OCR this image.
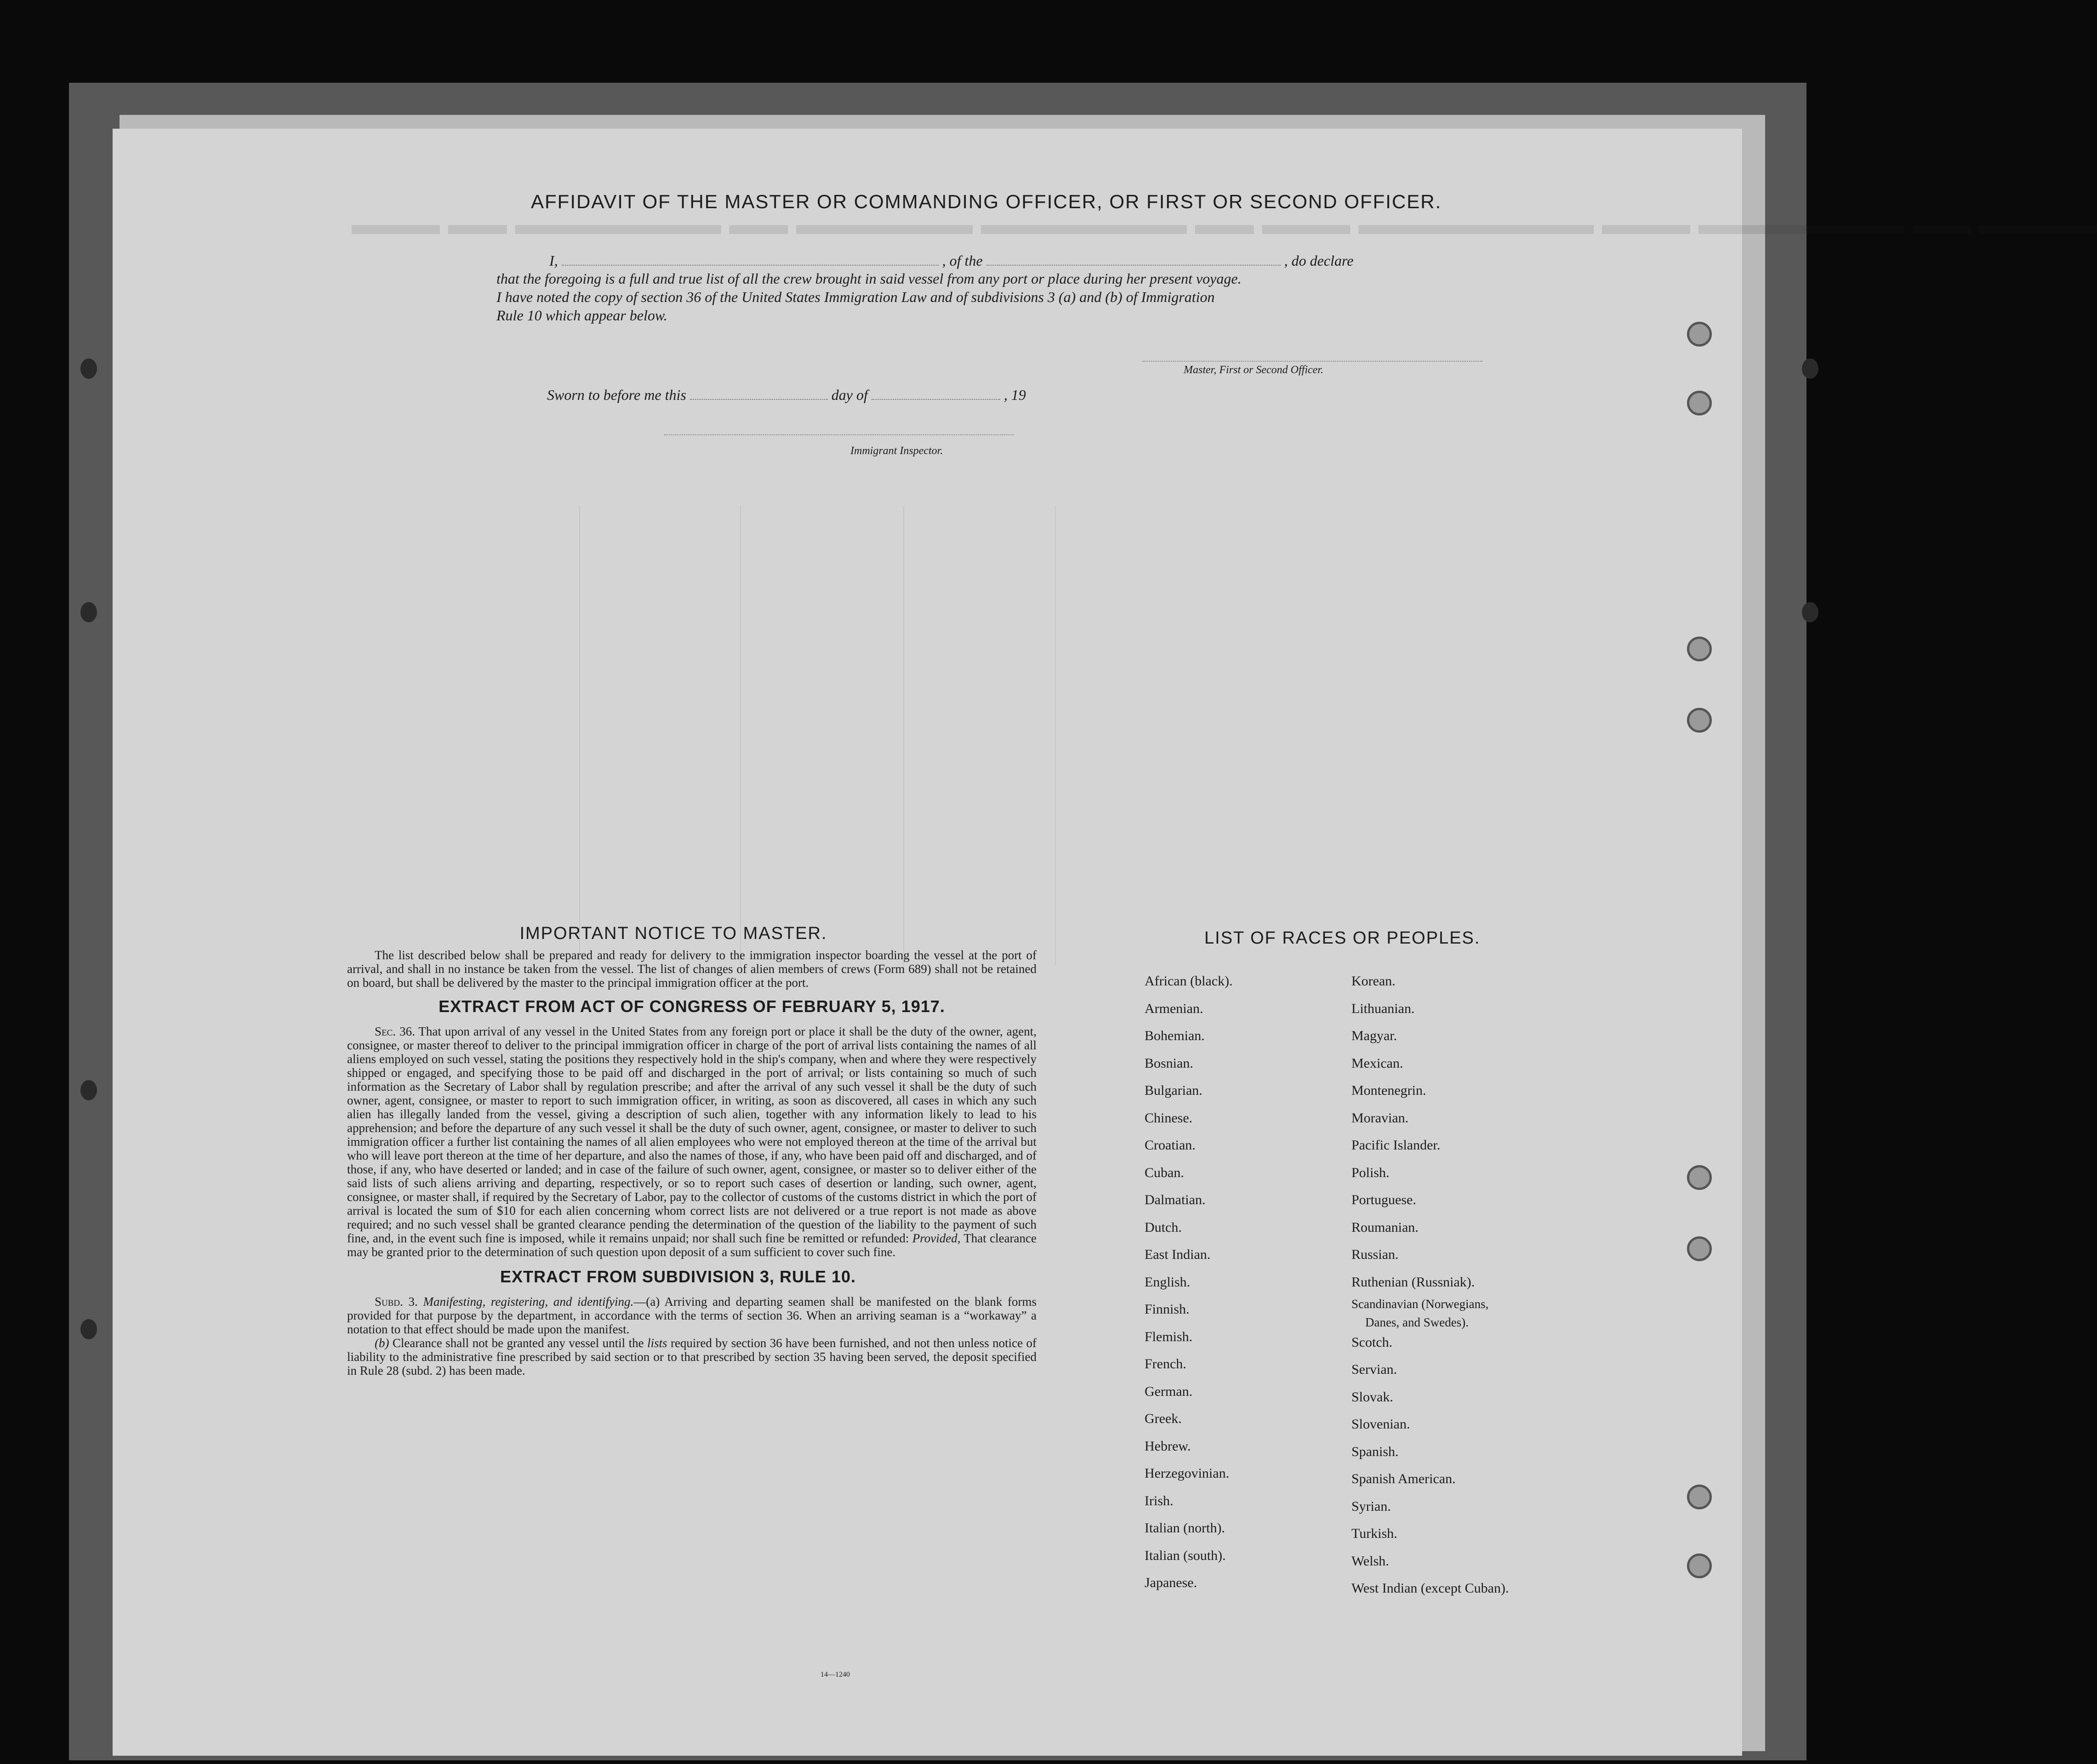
▬▬▬ ▬▬ ▬▬▬▬▬▬▬ ▬▬ ▬▬▬▬▬▬ ▬▬▬▬▬▬▬ ▬▬ ▬▬▬ ▬▬▬▬▬▬▬▬ ▬▬▬ ▬▬▬▬▬▬▬ ▬▬ ▬▬▬▬
AFFIDAVIT OF THE MASTER OR COMMANDING OFFICER, OR FIRST OR SECOND OFFICER.
I,	, of the	, do declare
that the foregoing is a full and true list of all the crew brought in said vessel from any port or place during her present voyage.
I have noted the copy of section 36 of the United States Immigration Law and of subdivisions 3 (a) and (b) of Immigration
Rule 10 which appear below.
Master, First or Second Officer.
Sworn to before me this	day of	, 19
Immigrant Inspector.
IMPORTANT NOTICE TO MASTER.

The list described below shall be prepared and ready for delivery to the immigration inspector boarding the vessel at the port of arrival, and shall in no instance be taken from the vessel. The list of changes of alien members of crews (Form 689) shall not be retained on board, but shall be delivered by the master to the principal immigration officer at the port.

EXTRACT FROM ACT OF CONGRESS OF FEBRUARY 5, 1917.

Sec. 36. That upon arrival of any vessel in the United States from any foreign port or place it shall be the duty of the owner, agent, consignee, or master thereof to deliver to the principal immigration officer in charge of the port of arrival lists containing the names of all aliens employed on such vessel, stating the positions they respectively hold in the ship's company, when and where they were respectively shipped or engaged, and specifying those to be paid off and discharged in the port of arrival; or lists containing so much of such information as the Secretary of Labor shall by regulation prescribe; and after the arrival of any such vessel it shall be the duty of such owner, agent, consignee, or master to report to such immigration officer, in writing, as soon as discovered, all cases in which any such alien has illegally landed from the vessel, giving a description of such alien, together with any information likely to lead to his apprehension; and before the departure of any such vessel it shall be the duty of such owner, agent, consignee, or master to deliver to such immigration officer a further list containing the names of all alien employees who were not employed thereon at the time of the arrival but who will leave port thereon at the time of her departure, and also the names of those, if any, who have been paid off and discharged, and of those, if any, who have deserted or landed; and in case of the failure of such owner, agent, consignee, or master so to deliver either of the said lists of such aliens arriving and departing, respectively, or so to report such cases of desertion or landing, such owner, agent, consignee, or master shall, if required by the Secretary of Labor, pay to the collector of customs of the customs district in which the port of arrival is located the sum of $10 for each alien concerning whom correct lists are not delivered or a true report is not made as above required; and no such vessel shall be granted clearance pending the determination of the question of the liability to the payment of such fine, and, in the event such fine is imposed, while it remains unpaid; nor shall such fine be remitted or refunded: Provided, That clearance may be granted prior to the determination of such question upon deposit of a sum sufficient to cover such fine.

EXTRACT FROM SUBDIVISION 3, RULE 10.

Subd. 3. Manifesting, registering, and identifying.—(a) Arriving and departing seamen shall be manifested on the blank forms provided for that purpose by the department, in accordance with the terms of section 36. When an arriving seaman is a “workaway” a notation to that effect should be made upon the manifest.

(b) Clearance shall not be granted any vessel until the lists required by section 36 have been furnished, and not then unless notice of liability to the administrative fine prescribed by said section or to that prescribed by section 35 having been served, the deposit specified in Rule 28 (subd. 2) has been made.

14—1240
LIST OF RACES OR PEOPLES.
African (black).
Armenian.
Bohemian.
Bosnian.
Bulgarian.
Chinese.
Croatian.
Cuban.
Dalmatian.
Dutch.
East Indian.
English.
Finnish.
Flemish.
French.
German.
Greek.
Hebrew.
Herzegovinian.
Irish.
Italian (north).
Italian (south).
Japanese.
Korean.
Lithuanian.
Magyar.
Mexican.
Montenegrin.
Moravian.
Pacific Islander.
Polish.
Portuguese.
Roumanian.
Russian.
Ruthenian (Russniak).
Scandinavian (Norwegians,
Danes, and Swedes).
Scotch.
Servian.
Slovak.
Slovenian.
Spanish.
Spanish American.
Syrian.
Turkish.
Welsh.
West Indian (except Cuban).
